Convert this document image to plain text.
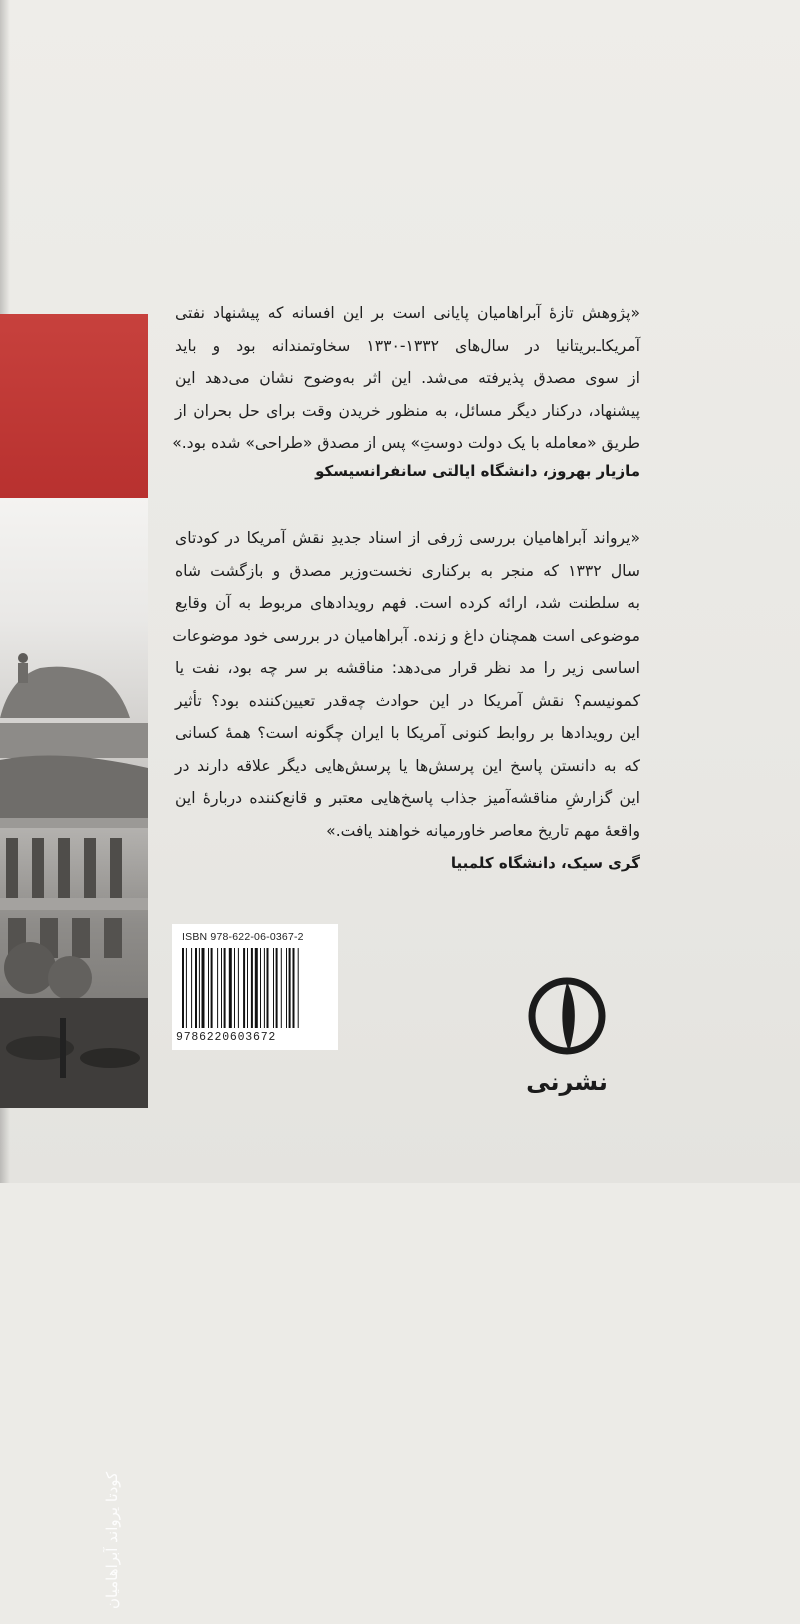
کودتا یرواند آبراهامیان
«پژوهش تازهٔ آبراهامیان پایانی است بر این افسانه که پیشنهاد نفتی
آمریکا‌ـ‌بریتانیا در سال‌های ۱۳۳۲-۱۳۳۰ سخاوتمندانه بود و باید
از سوی مصدق پذیرفته می‌شد. این اثر به‌وضوح نشان می‌دهد این
پیشنهاد، درکنار دیگر مسائل، به منظور خریدن وقت برای حل بحران از
طریق «معامله با یک دولت دوستِ» پس از مصدق «طراحی» شده بود.»
مازیار بهروز، دانشگاه ایالتی سانفرانسیسکو
«یرواند آبراهامیان بررسی ژرفی از اسناد جدیدِ نقش آمریکا در کودتای
سال ۱۳۳۲ که منجر به برکناری نخست‌وزیر مصدق و بازگشت شاه
به سلطنت شد، ارائه کرده است. فهم رویدادهای مربوط به آن وقایع
موضوعی است همچنان داغ و زنده. آبراهامیان در بررسی خود موضوعات
اساسی زیر را مد نظر قرار می‌دهد: مناقشه بر سر چه بود، نفت یا
کمونیسم؟ نقش آمریکا در این حوادث چه‌قدر تعیین‌کننده بود؟ تأثیر
این رویدادها بر روابط کنونی آمریکا با ایران چگونه است؟ همهٔ کسانی
که به دانستن پاسخ این پرسش‌ها یا پرسش‌هایی دیگر علاقه دارند در
این گزارشِ مناقشه‌آمیز جذاب پاسخ‌هایی معتبر و قانع‌کننده دربارهٔ این
واقعهٔ مهم تاریخ معاصر خاورمیانه خواهند یافت.»
گری سیک، دانشگاه کلمبیا
ISBN 978-622-06-0367-2
9786220603672
نشرنی
